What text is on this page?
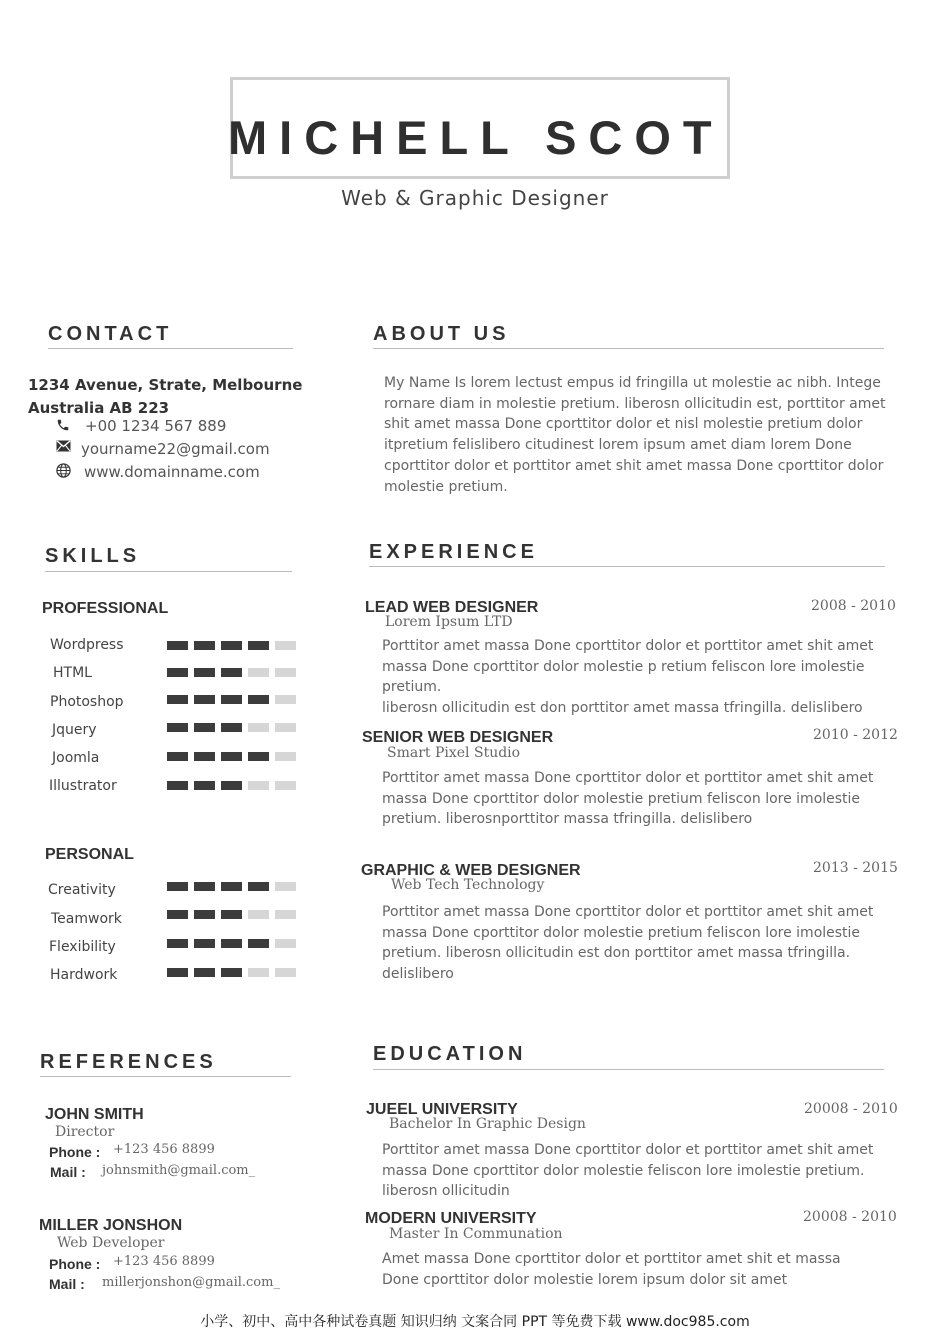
MICHELL SCOT
Web & Graphic Designer
CONTACT
1234 Avenue, Strate, Melbourne
Australia AB 223
+00 1234 567 889
yourname22@gmail.com
www.domainname.com
ABOUT US
My Name Is lorem lectust empus id fringilla ut molestie ac nibh. Intege
rornare diam in molestie pretium. liberosn ollicitudin est, porttitor amet
shit amet massa Done cporttitor dolor et nisl molestie pretium dolor
itpretium felislibero citudinest lorem ipsum amet diam lorem Done
cporttitor dolor et porttitor amet shit amet massa Done cporttitor dolor
molestie pretium.
SKILLS
PROFESSIONAL
Wordpress
HTML
Photoshop
Jquery
Joomla
Illustrator
PERSONAL
Creativity
Teamwork
Flexibility
Hardwork
EXPERIENCE
LEAD WEB DESIGNER
Lorem Ipsum LTD
2008 - 2010
Porttitor amet massa Done cporttitor dolor et porttitor amet shit amet
massa Done cporttitor dolor molestie p retium feliscon lore imolestie
pretium.
liberosn ollicitudin est don porttitor amet massa tfringilla. delislibero
SENIOR WEB DESIGNER
Smart Pixel Studio
2010 - 2012
Porttitor amet massa Done cporttitor dolor et porttitor amet shit amet
massa Done cporttitor dolor molestie pretium feliscon lore imolestie
pretium. liberosnporttitor massa tfringilla. delislibero
GRAPHIC & WEB DESIGNER
Web Tech Technology
2013 - 2015
Porttitor amet massa Done cporttitor dolor et porttitor amet shit amet
massa Done cporttitor dolor molestie pretium feliscon lore imolestie
pretium. liberosn ollicitudin est don porttitor amet massa tfringilla.
delislibero
REFERENCES
JOHN SMITH
Director
Phone : +123 456 8899
Mail : johnsmith@gmail.com_
MILLER JONSHON
Web Developer
Phone : +123 456 8899
Mail : millerjonshon@gmail.com_
EDUCATION
JUEEL UNIVERSITY
Bachelor In Graphic Design
20008 - 2010
Porttitor amet massa Done cporttitor dolor et porttitor amet shit amet
massa Done cporttitor dolor molestie feliscon lore imolestie pretium.
liberosn ollicitudin
MODERN UNIVERSITY
Master In Communation
20008 - 2010
Amet massa Done cporttitor dolor et porttitor amet shit et massa
Done cporttitor dolor molestie lorem ipsum dolor sit amet
小学、初中、高中各种试卷真题 知识归纳 文案合同 PPT 等免费下载 www.doc985.com
